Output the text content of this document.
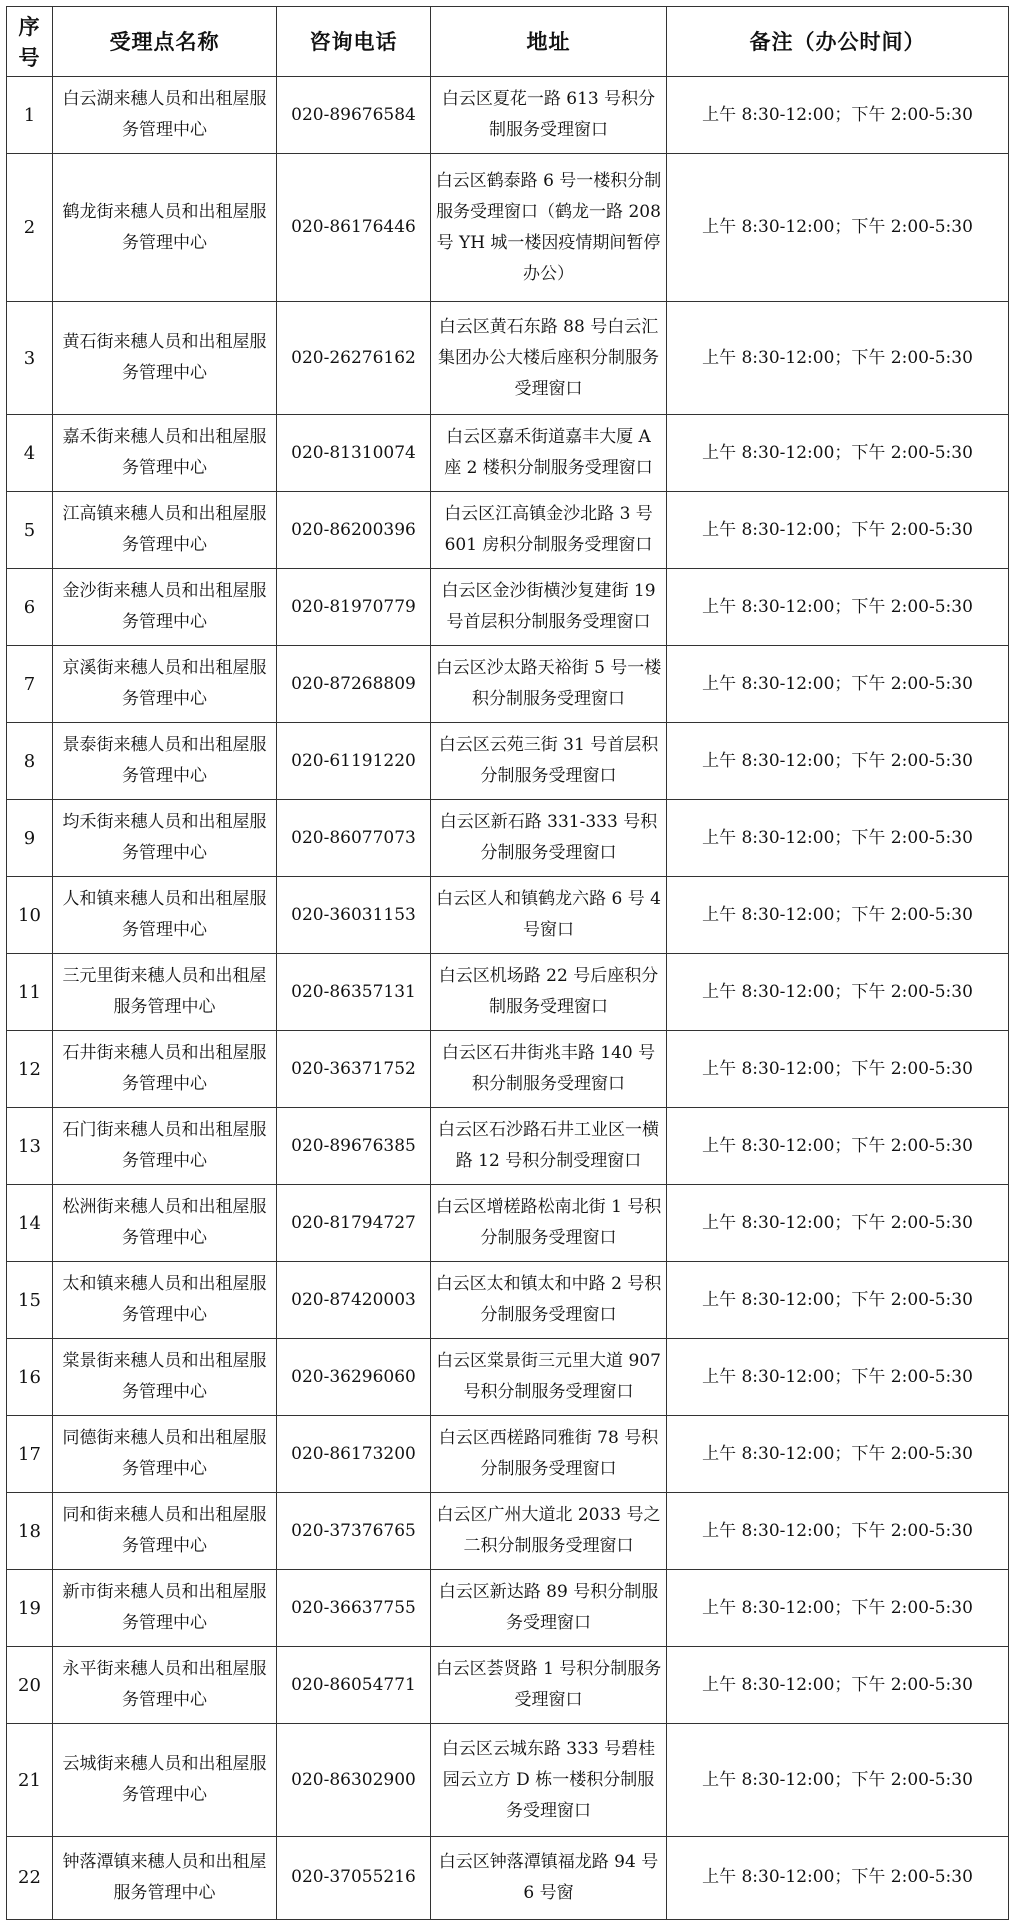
序号	受理点名称	咨询电话	地址	备注（办公时间）
1	白云湖来穗人员和出租屋服务管理中心	020-89676584	白云区夏花一路 613 号积分制服务受理窗口	上午 8:30-12:00；下午 2:00-5:30
2	鹤龙街来穗人员和出租屋服务管理中心	020-86176446	白云区鹤泰路 6 号一楼积分制服务受理窗口（鹤龙一路 208 号 YH 城一楼因疫情期间暂停办公）	上午 8:30-12:00；下午 2:00-5:30
3	黄石街来穗人员和出租屋服务管理中心	020-26276162	白云区黄石东路 88 号白云汇集团办公大楼后座积分制服务受理窗口	上午 8:30-12:00；下午 2:00-5:30
4	嘉禾街来穗人员和出租屋服务管理中心	020-81310074	白云区嘉禾街道嘉丰大厦 A 座 2 楼积分制服务受理窗口	上午 8:30-12:00；下午 2:00-5:30
5	江高镇来穗人员和出租屋服务管理中心	020-86200396	白云区江高镇金沙北路 3 号 601 房积分制服务受理窗口	上午 8:30-12:00；下午 2:00-5:30
6	金沙街来穗人员和出租屋服务管理中心	020-81970779	白云区金沙街横沙复建街 19 号首层积分制服务受理窗口	上午 8:30-12:00；下午 2:00-5:30
7	京溪街来穗人员和出租屋服务管理中心	020-87268809	白云区沙太路天裕街 5 号一楼积分制服务受理窗口	上午 8:30-12:00；下午 2:00-5:30
8	景泰街来穗人员和出租屋服务管理中心	020-61191220	白云区云苑三街 31 号首层积分制服务受理窗口	上午 8:30-12:00；下午 2:00-5:30
9	均禾街来穗人员和出租屋服务管理中心	020-86077073	白云区新石路 331-333 号积分制服务受理窗口	上午 8:30-12:00；下午 2:00-5:30
10	人和镇来穗人员和出租屋服务管理中心	020-36031153	白云区人和镇鹤龙六路 6 号 4 号窗口	上午 8:30-12:00；下午 2:00-5:30
11	三元里街来穗人员和出租屋服务管理中心	020-86357131	白云区机场路 22 号后座积分制服务受理窗口	上午 8:30-12:00；下午 2:00-5:30
12	石井街来穗人员和出租屋服务管理中心	020-36371752	白云区石井街兆丰路 140 号积分制服务受理窗口	上午 8:30-12:00；下午 2:00-5:30
13	石门街来穗人员和出租屋服务管理中心	020-89676385	白云区石沙路石井工业区一横路 12 号积分制受理窗口	上午 8:30-12:00；下午 2:00-5:30
14	松洲街来穗人员和出租屋服务管理中心	020-81794727	白云区增槎路松南北街 1 号积分制服务受理窗口	上午 8:30-12:00；下午 2:00-5:30
15	太和镇来穗人员和出租屋服务管理中心	020-87420003	白云区太和镇太和中路 2 号积分制服务受理窗口	上午 8:30-12:00；下午 2:00-5:30
16	棠景街来穗人员和出租屋服务管理中心	020-36296060	白云区棠景街三元里大道 907 号积分制服务受理窗口	上午 8:30-12:00；下午 2:00-5:30
17	同德街来穗人员和出租屋服务管理中心	020-86173200	白云区西槎路同雅街 78 号积分制服务受理窗口	上午 8:30-12:00；下午 2:00-5:30
18	同和街来穗人员和出租屋服务管理中心	020-37376765	白云区广州大道北 2033 号之二积分制服务受理窗口	上午 8:30-12:00；下午 2:00-5:30
19	新市街来穗人员和出租屋服务管理中心	020-36637755	白云区新达路 89 号积分制服务受理窗口	上午 8:30-12:00；下午 2:00-5:30
20	永平街来穗人员和出租屋服务管理中心	020-86054771	白云区荟贤路 1 号积分制服务受理窗口	上午 8:30-12:00；下午 2:00-5:30
21	云城街来穗人员和出租屋服务管理中心	020-86302900	白云区云城东路 333 号碧桂园云立方 D 栋一楼积分制服务受理窗口	上午 8:30-12:00；下午 2:00-5:30
22	钟落潭镇来穗人员和出租屋服务管理中心	020-37055216	白云区钟落潭镇福龙路 94 号 6 号窗	上午 8:30-12:00；下午 2:00-5:30
